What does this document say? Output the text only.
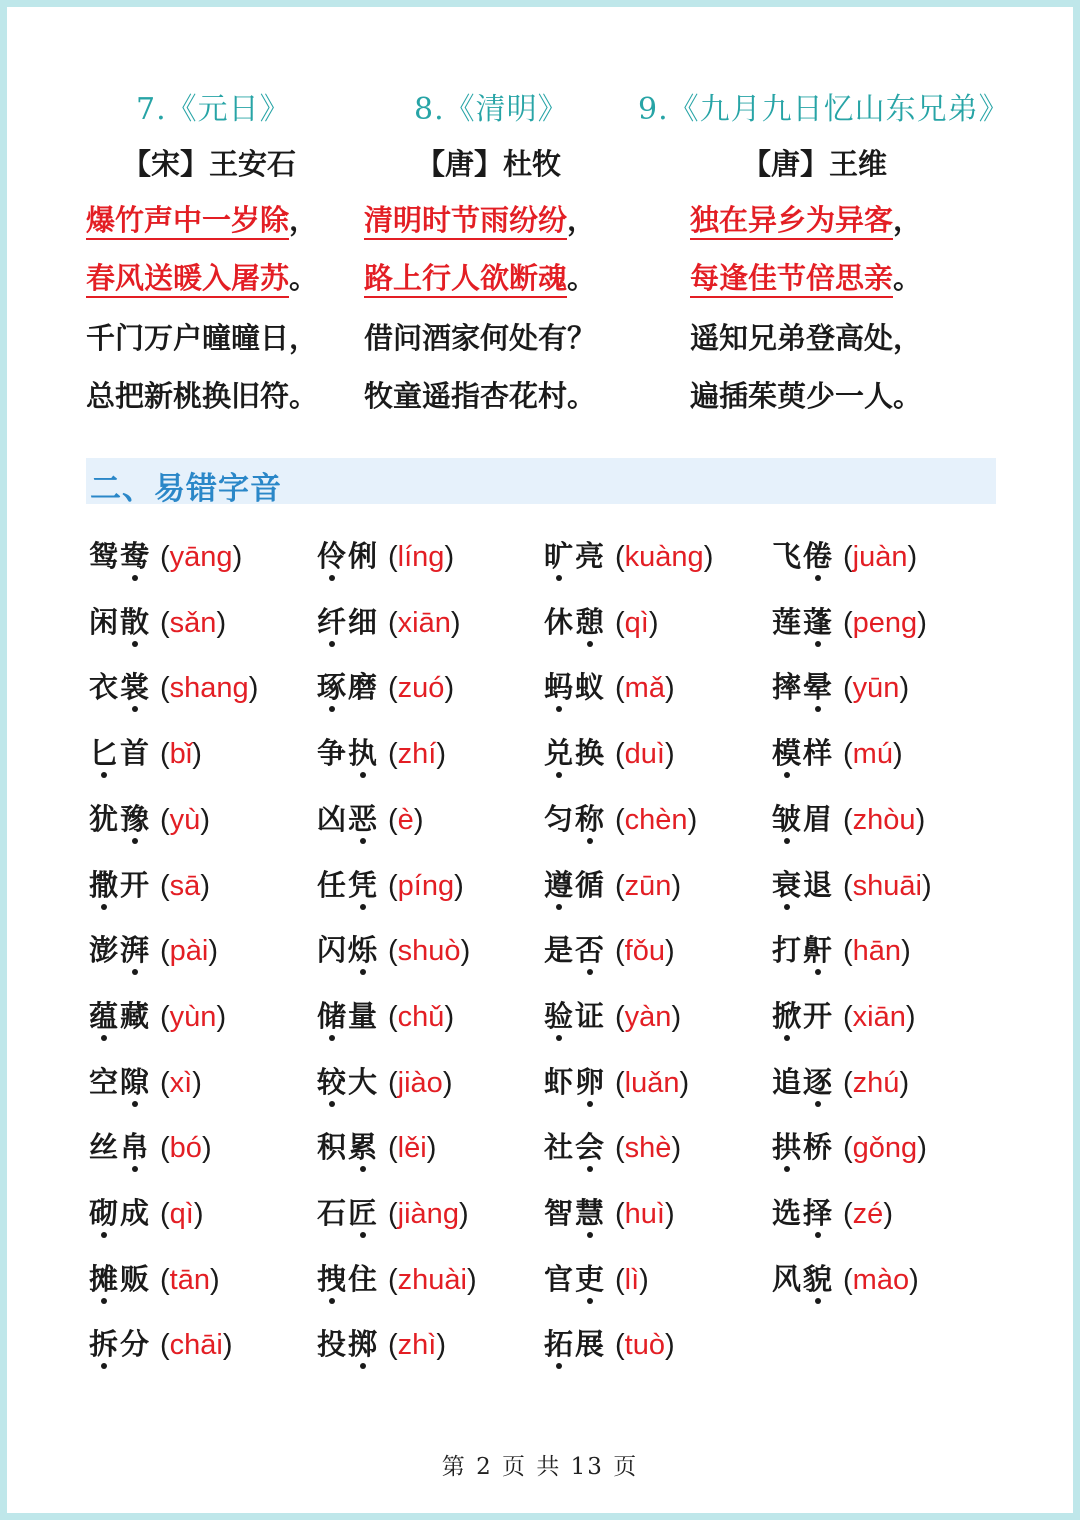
7.《元日》
【宋】王安石
爆竹声中一岁除，
春风送暖入屠苏。
千门万户曈曈日，
总把新桃换旧符。
8.《清明》
【唐】杜牧
清明时节雨纷纷，
路上行人欲断魂。
借问酒家何处有？
牧童遥指杏花村。
9.《九月九日忆山东兄弟》
【唐】王维
独在异乡为异客，
每逢佳节倍思亲。
遥知兄弟登高处，
遍插茱萸少一人。
二、易错字音
鸳鸯 (yāng)
闲散 (sǎn)
衣裳 (shang)
匕首 (bǐ)
犹豫 (yù)
撒开 (sā)
澎湃 (pài)
蕴藏 (yùn)
空隙 (xì)
丝帛 (bó)
砌成 (qì)
摊贩 (tān)
拆分 (chāi)
伶俐 (líng)
纤细 (xiān)
琢磨 (zuó)
争执 (zhí)
凶恶 (è)
任凭 (píng)
闪烁 (shuò)
储量 (chǔ)
较大 (jiào)
积累 (lěi)
石匠 (jiàng)
拽住 (zhuài)
投掷 (zhì)
旷亮 (kuàng)
休憩 (qì)
蚂蚁 (mǎ)
兑换 (duì)
匀称 (chèn)
遵循 (zūn)
是否 (fǒu)
验证 (yàn)
虾卵 (luǎn)
社会 (shè)
智慧 (huì)
官吏 (lì)
拓展 (tuò)
飞倦 (juàn)
莲蓬 (peng)
摔晕 (yūn)
模样 (mú)
皱眉 (zhòu)
衰退 (shuāi)
打鼾 (hān)
掀开 (xiān)
追逐 (zhú)
拱桥 (gǒng)
选择 (zé)
风貌 (mào)
第 2 页 共 13 页
